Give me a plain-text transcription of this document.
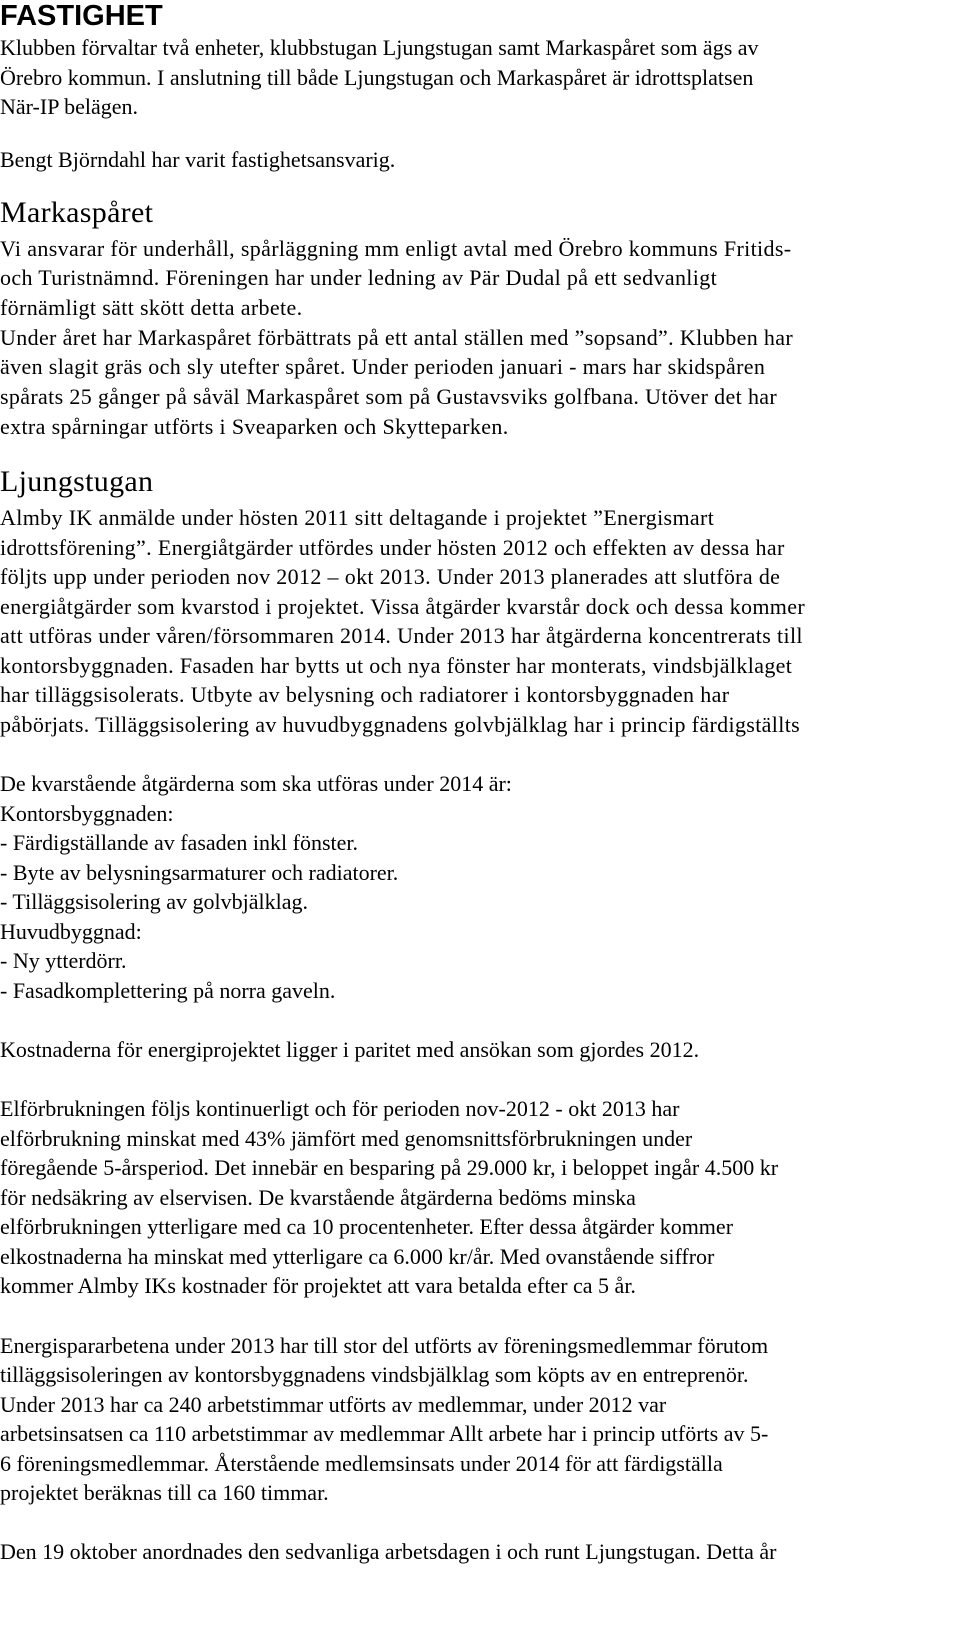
FASTIGHET
Klubben förvaltar två enheter, klubbstugan Ljungstugan samt Markaspåret som ägs av
Örebro kommun. I anslutning till både Ljungstugan och Markaspåret är idrottsplatsen
När-IP belägen.
Bengt Björndahl har varit fastighetsansvarig.
Markaspåret
Vi ansvarar för underhåll, spårläggning mm enligt avtal med Örebro kommuns Fritids-
och Turistnämnd. Föreningen har under ledning av Pär Dudal på ett sedvanligt
förnämligt sätt skött detta arbete.
Under året har Markaspåret förbättrats på ett antal ställen med ”sopsand”. Klubben har
även slagit gräs och sly utefter spåret. Under perioden januari - mars har skidspåren
spårats 25 gånger på såväl Markaspåret som på Gustavsviks golfbana. Utöver det har
extra spårningar utförts i Sveaparken och Skytteparken.
Ljungstugan
Almby IK anmälde under hösten 2011 sitt deltagande i projektet ”Energismart
idrottsförening”. Energiåtgärder utfördes under hösten 2012 och effekten av dessa har
följts upp under perioden nov 2012 – okt 2013. Under 2013 planerades att slutföra de
energiåtgärder som kvarstod i projektet. Vissa åtgärder kvarstår dock och dessa kommer
att utföras under våren/försommaren 2014. Under 2013 har åtgärderna koncentrerats till
kontorsbyggnaden. Fasaden har bytts ut och nya fönster har monterats, vindsbjälklaget
har tilläggsisolerats. Utbyte av belysning och radiatorer i kontorsbyggnaden har
påbörjats. Tilläggsisolering av huvudbyggnadens golvbjälklag har i princip färdigställts
De kvarstående åtgärderna som ska utföras under 2014 är:
Kontorsbyggnaden:
- Färdigställande av fasaden inkl fönster.
- Byte av belysningsarmaturer och radiatorer.
- Tilläggsisolering av golvbjälklag.
Huvudbyggnad:
- Ny ytterdörr.
- Fasadkomplettering på norra gaveln.
Kostnaderna för energiprojektet ligger i paritet med ansökan som gjordes 2012.
Elförbrukningen följs kontinuerligt och för perioden nov-2012 - okt 2013 har
elförbrukning minskat med 43% jämfört med genomsnittsförbrukningen under
föregående 5-årsperiod. Det innebär en besparing på 29.000 kr, i beloppet ingår 4.500 kr
för nedsäkring av elservisen. De kvarstående åtgärderna bedöms minska
elförbrukningen ytterligare med ca 10 procentenheter. Efter dessa åtgärder kommer
elkostnaderna ha minskat med ytterligare ca 6.000 kr/år. Med ovanstående siffror
kommer Almby IKs kostnader för projektet att vara betalda efter ca 5 år.
Energispararbetena under 2013 har till stor del utförts av föreningsmedlemmar förutom
tilläggsisoleringen av kontorsbyggnadens vindsbjälklag som köpts av en entreprenör.
Under 2013 har ca 240 arbetstimmar utförts av medlemmar, under 2012 var
arbetsinsatsen ca 110 arbetstimmar av medlemmar Allt arbete har i princip utförts av 5-
6 föreningsmedlemmar. Återstående medlemsinsats under 2014 för att färdigställa
projektet beräknas till ca 160 timmar.
Den 19 oktober anordnades den sedvanliga arbetsdagen i och runt Ljungstugan. Detta år
